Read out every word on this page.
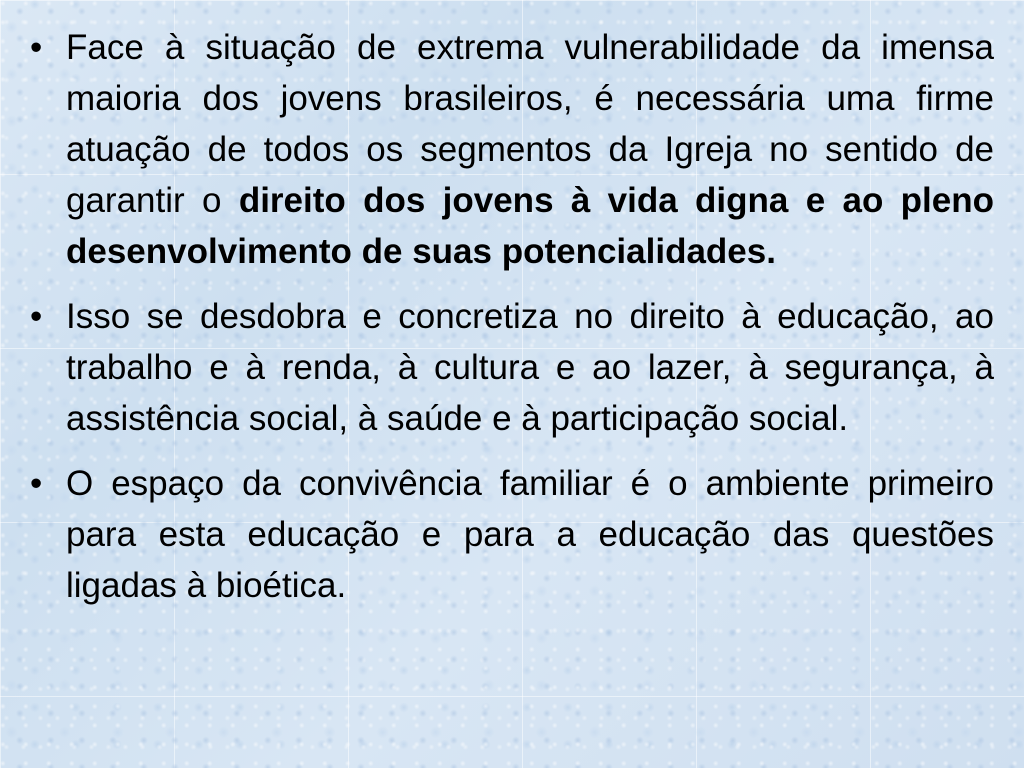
• Face à situação de extrema vulnerabilidade da imensa maioria dos jovens brasileiros, é necessária uma firme atuação de todos os segmentos da Igreja no sentido de garantir o direito dos jovens à vida digna e ao pleno desenvolvimento de suas potencialidades.
• Isso se desdobra e concretiza no direito à educação, ao trabalho e à renda, à cultura e ao lazer, à segurança, à assistência social, à saúde e à participação social.
• O espaço da convivência familiar é o ambiente primeiro para esta educação e para a educação das questões ligadas à bioética.
